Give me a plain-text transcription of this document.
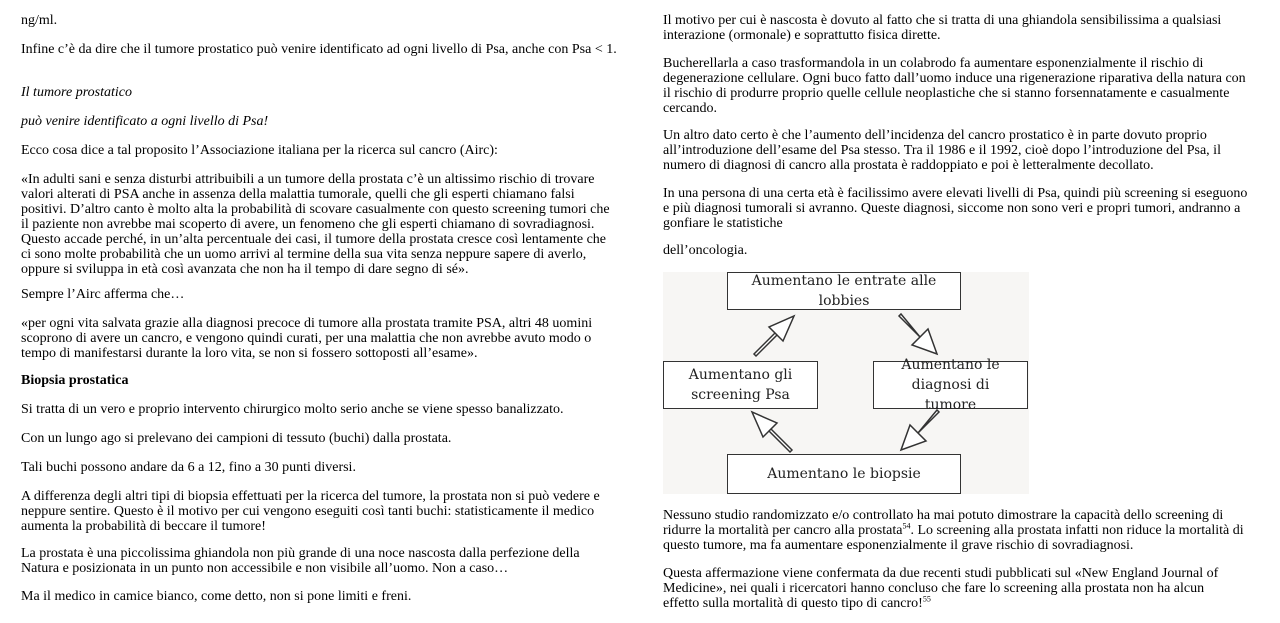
ng/ml.

Infine c’è da dire che il tumore prostatico può venire identificato ad ogni livello di Psa, anche con Psa < 1.

Il tumore prostatico

può venire identificato a ogni livello di Psa!

Ecco cosa dice a tal proposito l’Associazione italiana per la ricerca sul cancro (Airc):

«In adulti sani e senza disturbi attribuibili a un tumore della prostata c’è un altissimo rischio di trovare valori alterati di PSA anche in assenza della malattia tumorale, quelli che gli esperti chiamano falsi positivi. D’altro canto è molto alta la probabilità di scovare casualmente con questo screening tumori che il paziente non avrebbe mai scoperto di avere, un fenomeno che gli esperti chiamano di sovradiagnosi. Questo accade perché, in un’alta percentuale dei casi, il tumore della prostata cresce così lentamente che ci sono molte probabilità che un uomo arrivi al termine della sua vita senza neppure sapere di averlo, oppure si sviluppa in età così avanzata che non ha il tempo di dare segno di sé».

Sempre l’Airc afferma che…

«per ogni vita salvata grazie alla diagnosi precoce di tumore alla prostata tramite PSA, altri 48 uomini scoprono di avere un cancro, e vengono quindi curati, per una malattia che non avrebbe avuto modo o tempo di manifestarsi durante la loro vita, se non si fossero sottoposti all’esame».

Biopsia prostatica

Si tratta di un vero e proprio intervento chirurgico molto serio anche se viene spesso banalizzato.

Con un lungo ago si prelevano dei campioni di tessuto (buchi) dalla prostata.

Tali buchi possono andare da 6 a 12, fino a 30 punti diversi.

A differenza degli altri tipi di biopsia effettuati per la ricerca del tumore, la prostata non si può vedere e neppure sentire. Questo è il motivo per cui vengono eseguiti così tanti buchi: statisticamente il medico aumenta la probabilità di beccare il tumore!

La prostata è una piccolissima ghiandola non più grande di una noce nascosta dalla perfezione della Natura e posizionata in un punto non accessibile e non visibile all’uomo. Non a caso…

Ma il medico in camice bianco, come detto, non si pone limiti e freni.

Il motivo per cui è nascosta è dovuto al fatto che si tratta di una ghiandola sensibilissima a qualsiasi interazione (ormonale) e soprattutto fisica dirette.

Bucherellarla a caso trasformandola in un colabrodo fa aumentare esponenzialmente il rischio di degenerazione cellulare. Ogni buco fatto dall’uomo induce una rigenerazione riparativa della natura con il rischio di produrre proprio quelle cellule neoplastiche che si stanno forsennatamente e casualmente cercando.

Un altro dato certo è che l’aumento dell’incidenza del cancro prostatico è in parte dovuto proprio all’introduzione dell’esame del Psa stesso. Tra il 1986 e il 1992, cioè dopo l’introduzione del Psa, il numero di diagnosi di cancro alla prostata è raddoppiato e poi è letteralmente decollato.

In una persona di una certa età è facilissimo avere elevati livelli di Psa, quindi più screening si eseguono e più diagnosi tumorali si avranno. Queste diagnosi, siccome non sono veri e propri tumori, andranno a gonfiare le statistiche

dell’oncologia.

Nessuno studio randomizzato e/o controllato ha mai potuto dimostrare la capacità dello screening di ridurre la mortalità per cancro alla prostata$^{54}$. Lo screening alla prostata infatti non riduce la mortalità di questo tumore, ma fa aumentare esponenzialmente il grave rischio di sovradiagnosi.

Questa affermazione viene confermata da due recenti studi pubblicati sul «New England Journal of Medicine», nei quali i ricercatori hanno concluso che fare lo screening alla prostata non ha alcun effetto sulla mortalità di questo tipo di cancro!$^{55}$

Aumentano le entrate alle lobbies
Aumentano gli screening Psa
Aumentano le diagnosi di tumore
Aumentano le biopsie
